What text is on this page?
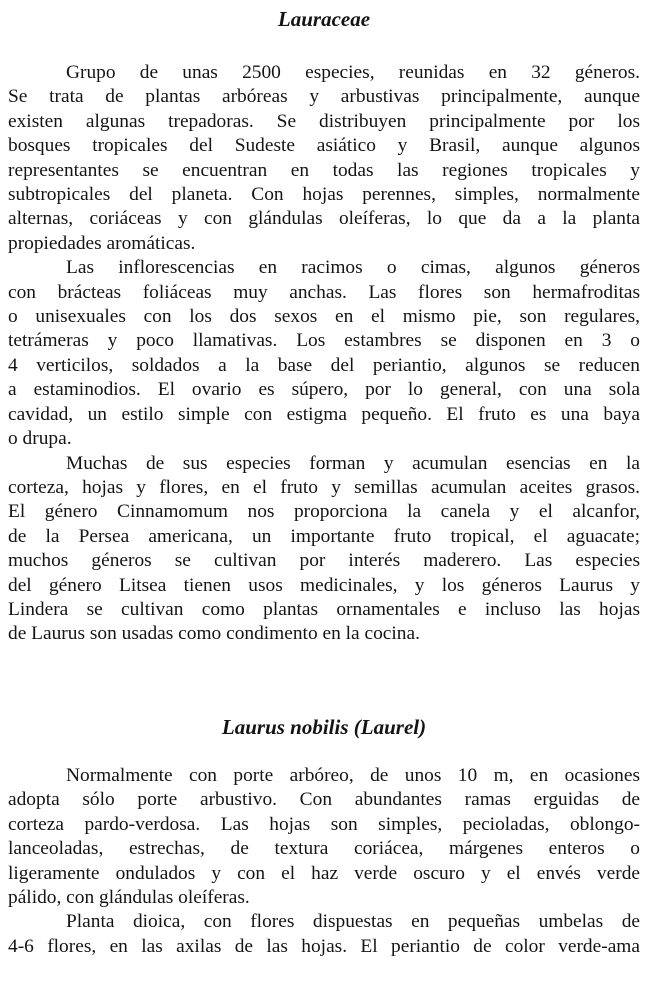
Lauraceae

Grupo de unas 2500 especies, reunidas en 32 géneros.
Se trata de plantas arbóreas y arbustivas principalmente, aunque
existen algunas trepadoras. Se distribuyen principalmente por los
bosques tropicales del Sudeste asiático y Brasil, aunque algunos
representantes se encuentran en todas las regiones tropicales y
subtropicales del planeta. Con hojas perennes, simples, normalmente
alternas, coriáceas y con glándulas oleíferas, lo que da a la planta
propiedades aromáticas.

Las inflorescencias en racimos o cimas, algunos géneros
con brácteas foliáceas muy anchas. Las flores son hermafroditas
o unisexuales con los dos sexos en el mismo pie, son regulares,
tetrámeras y poco llamativas. Los estambres se disponen en 3 o
4 verticilos, soldados a la base del periantio, algunos se reducen
a estaminodios. El ovario es súpero, por lo general, con una sola
cavidad, un estilo simple con estigma pequeño. El fruto es una baya
o drupa.

Muchas de sus especies forman y acumulan esencias en la
corteza, hojas y flores, en el fruto y semillas acumulan aceites grasos.
El género Cinnamomum nos proporciona la canela y el alcanfor,
de la Persea americana, un importante fruto tropical, el aguacate;
muchos géneros se cultivan por interés maderero. Las especies
del género Litsea tienen usos medicinales, y los géneros Laurus y
Lindera se cultivan como plantas ornamentales e incluso las hojas
de Laurus son usadas como condimento en la cocina.

Laurus nobilis (Laurel)

Normalmente con porte arbóreo, de unos 10 m, en ocasiones
adopta sólo porte arbustivo. Con abundantes ramas erguidas de
corteza pardo-verdosa. Las hojas son simples, pecioladas, oblongo-
lanceoladas, estrechas, de textura coriácea, márgenes enteros o
ligeramente ondulados y con el haz verde oscuro y el envés verde
pálido, con glándulas oleíferas.

Planta dioica, con flores dispuestas en pequeñas umbelas de
4-6 flores, en las axilas de las hojas. El periantio de color verde-ama
